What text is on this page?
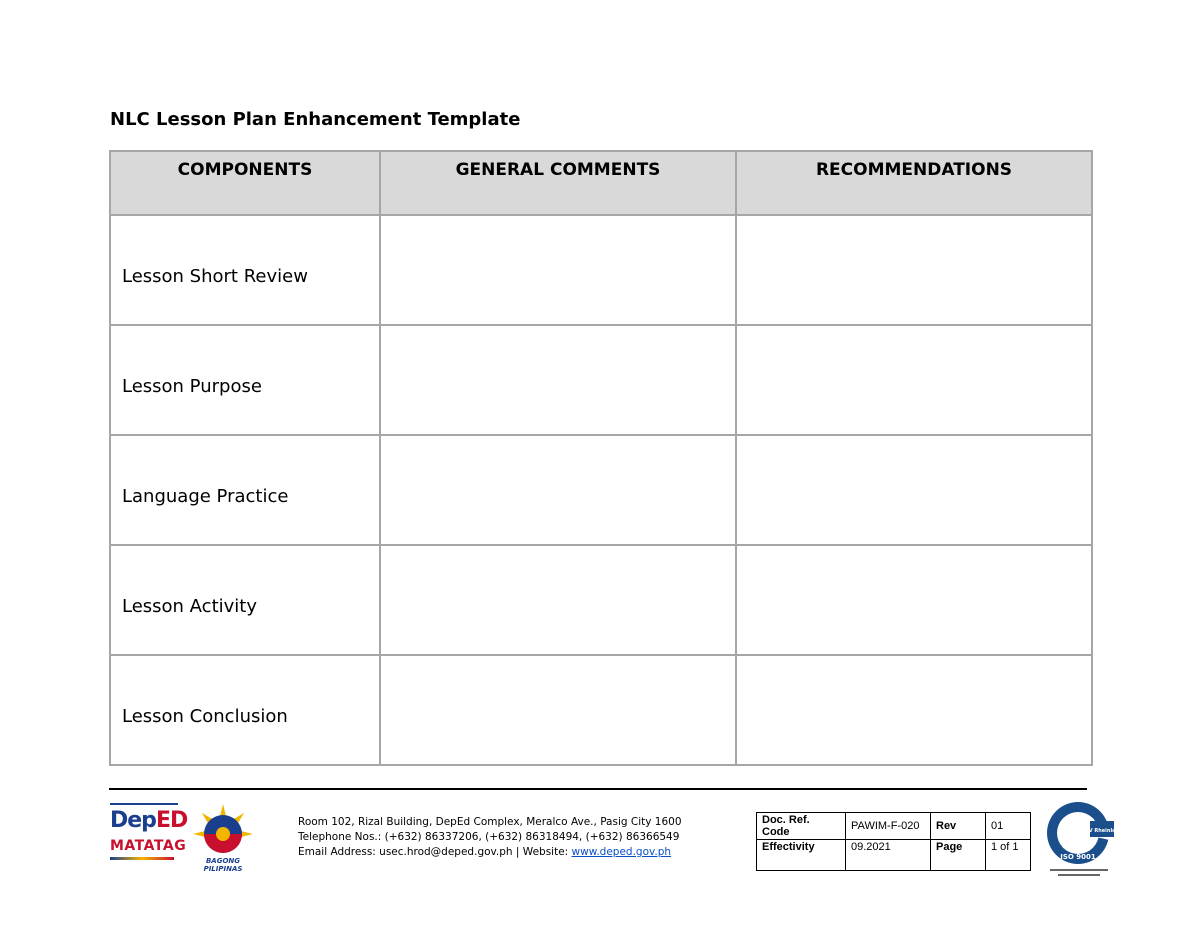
NLC Lesson Plan Enhancement Template
COMPONENTS	GENERAL COMMENTS	RECOMMENDATIONS
Lesson Short Review		
Lesson Purpose		
Language Practice		
Lesson Activity		
Lesson Conclusion		
DepED
MATATAG
BAGONG PILIPINAS
Room 102, Rizal Building, DepEd Complex, Meralco Ave., Pasig City 1600
Telephone Nos.: (+632) 86337206, (+632) 86318494, (+632) 86366549
Email Address: usec.hrod@deped.gov.ph | Website: www.deped.gov.ph
Doc. Ref. Code	PAWIM-F-020	Rev	01
Effectivity	09.2021	Page	1 of 1
TÜV Rheinland
ISO 9001
